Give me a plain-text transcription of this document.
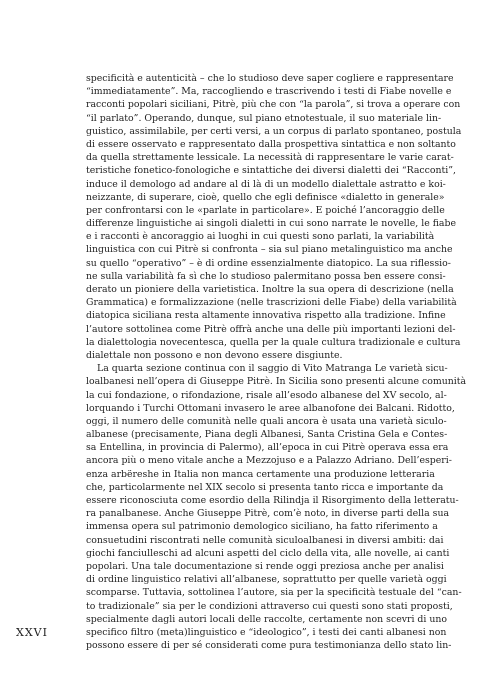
specificità e autenticità – che lo studioso deve saper cogliere e rappresentare
“immediatamente”. Ma, raccogliendo e trascrivendo i testi di Fiabe novelle e
racconti popolari siciliani, Pitrè, più che con “la parola”, si trova a operare con
“il parlato”. Operando, dunque, sul piano etnotestuale, il suo materiale lin-
guistico, assimilabile, per certi versi, a un corpus di parlato spontaneo, postula
di essere osservato e rappresentato dalla prospettiva sintattica e non soltanto
da quella strettamente lessicale. La necessità di rappresentare le varie carat-
teristiche fonetico-fonologiche e sintattiche dei diversi dialetti dei “Racconti”,
induce il demologo ad andare al di là di un modello dialettale astratto e koi-
neizzante, di superare, cioè, quello che egli definisce «dialetto in generale»
per confrontarsi con le «parlate in particolare». E poiché l’ancoraggio delle
differenze linguistiche ai singoli dialetti in cui sono narrate le novelle, le fiabe
e i racconti è ancoraggio ai luoghi in cui questi sono parlati, la variabilità
linguistica con cui Pitrè si confronta – sia sul piano metalinguistico ma anche
su quello “operativo” – è di ordine essenzialmente diatopico. La sua riflessio-
ne sulla variabilità fa sì che lo studioso palermitano possa ben essere consi-
derato un pioniere della varietistica. Inoltre la sua opera di descrizione (nella
Grammatica) e formalizzazione (nelle trascrizioni delle Fiabe) della variabilità
diatopica siciliana resta altamente innovativa rispetto alla tradizione. Infine
l’autore sottolinea come Pitrè offrà anche una delle più importanti lezioni del-
la dialettologia novecentesca, quella per la quale cultura tradizionale e cultura
dialettale non possono e non devono essere disgiunte.
La quarta sezione continua con il saggio di Vito Matranga Le varietà sicu-
loalbanesi nell’opera di Giuseppe Pitrè. In Sicilia sono presenti alcune comunità
la cui fondazione, o rifondazione, risale all’esodo albanese del XV secolo, al-
lorquando i Turchi Ottomani invasero le aree albanofone dei Balcani. Ridotto,
oggi, il numero delle comunità nelle quali ancora è usata una varietà siculo-
albanese (precisamente, Piana degli Albanesi, Santa Cristina Gela e Contes-
sa Entellina, in provincia di Palermo), all’epoca in cui Pitrè operava essa era
ancora più o meno vitale anche a Mezzojuso e a Palazzo Adriano. Dell’esperi-
enza arbëreshe in Italia non manca certamente una produzione letteraria
che, particolarmente nel XIX secolo si presenta tanto ricca e importante da
essere riconosciuta come esordio della Rilindja il Risorgimento della letteratu-
ra panalbanese. Anche Giuseppe Pitrè, com’è noto, in diverse parti della sua
immensa opera sul patrimonio demologico siciliano, ha fatto riferimento a
consuetudini riscontrati nelle comunità siculoalbanesi in diversi ambiti: dai
giochi fanciulleschi ad alcuni aspetti del ciclo della vita, alle novelle, ai canti
popolari. Una tale documentazione si rende oggi preziosa anche per analisi
di ordine linguistico relativi all’albanese, soprattutto per quelle varietà oggi
scomparse. Tuttavia, sottolinea l’autore, sia per la specificità testuale del “can-
to tradizionale” sia per le condizioni attraverso cui questi sono stati proposti,
specialmente dagli autori locali delle raccolte, certamente non scevri di uno
specifico filtro (meta)linguistico e “ideologico”, i testi dei canti albanesi non
possono essere di per sé considerati come pura testimonianza dello stato lin-
XXVI
